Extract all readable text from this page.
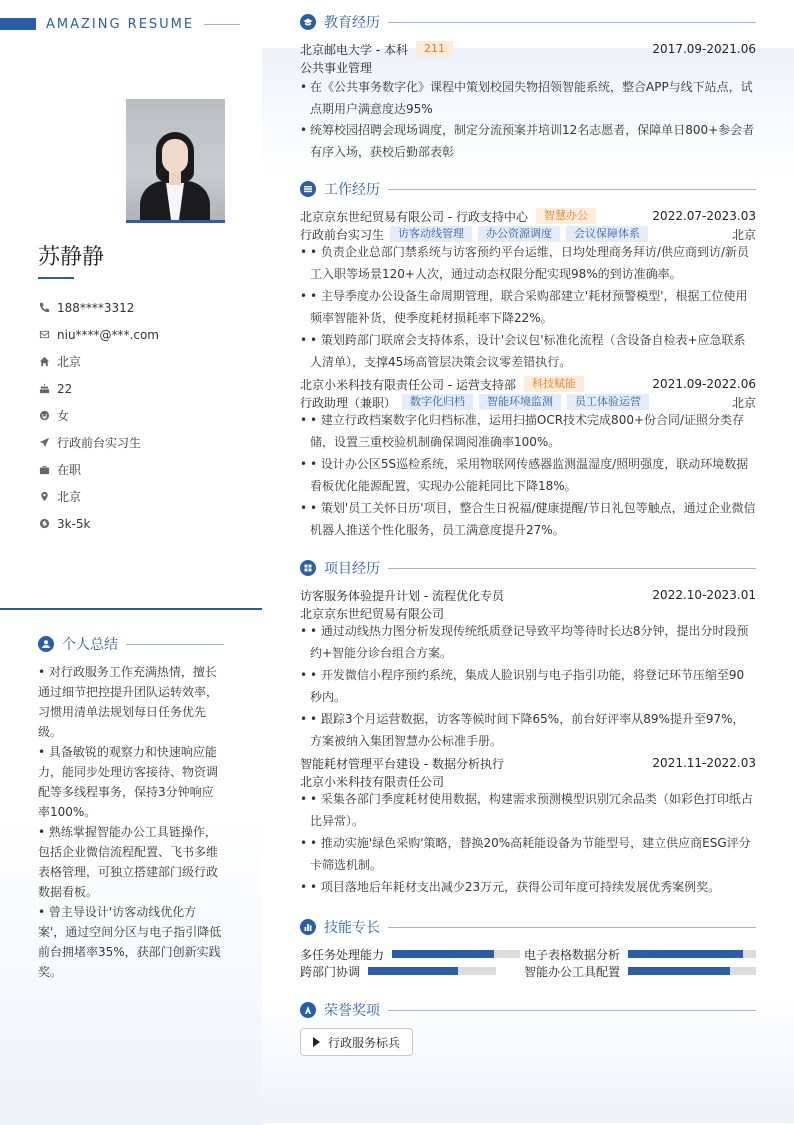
AMAZING RESUME
苏静静
188****3312
niu****@***.com
北京
22
女
行政前台实习生
在职
北京
3k-5k
个人总结

• 对行政服务工作充满热情，擅长通过细节把控提升团队运转效率，习惯用清单法规划每日任务优先级。

• 具备敏锐的观察力和快速响应能力，能同步处理访客接待、物资调配等多线程事务，保持3分钟响应率100%。

• 熟练掌握智能办公工具链操作，包括企业微信流程配置、飞书多维表格管理，可独立搭建部门级行政数据看板。

• 曾主导设计'访客动线优化方案'，通过空间分区与电子指引降低前台拥堵率35%，获部门创新实践奖。

教育经历
北京邮电大学 - 本科	211	2017.09-2021.06
公共事业管理
• 在《公共事务数字化》课程中策划校园失物招领智能系统，整合APP与线下站点，试点期用户满意度达95%
• 统筹校园招聘会现场调度，制定分流预案并培训12名志愿者，保障单日800+参会者有序入场，获校后勤部表彰
工作经历
北京京东世纪贸易有限公司 - 行政支持中心	智慧办公	2022.07-2023.03
行政前台实习生	访客动线管理	办公资源调度	会议保障体系	北京
• • 负责企业总部门禁系统与访客预约平台运维，日均处理商务拜访/供应商到访/新员工入职等场景120+人次，通过动态权限分配实现98%的到访准确率。
• • 主导季度办公设备生命周期管理，联合采购部建立'耗材预警模型'，根据工位使用频率智能补货，使季度耗材损耗率下降22%。
• • 策划跨部门联席会支持体系，设计'会议包'标准化流程（含设备自检表+应急联系人清单），支撑45场高管层决策会议零差错执行。
北京小米科技有限责任公司 - 运营支持部	科技赋能	2021.09-2022.06
行政助理（兼职）	数字化归档	智能环境监测	员工体验运营	北京
• • 建立行政档案数字化归档标准，运用扫描OCR技术完成800+份合同/证照分类存储，设置三重校验机制确保调阅准确率100%。
• • 设计办公区5S巡检系统，采用物联网传感器监测温湿度/照明强度，联动环境数据看板优化能源配置，实现办公能耗同比下降18%。
• • 策划'员工关怀日历'项目，整合生日祝福/健康提醒/节日礼包等触点，通过企业微信机器人推送个性化服务，员工满意度提升27%。
项目经历
访客服务体验提升计划 - 流程优化专员	2022.10-2023.01
北京京东世纪贸易有限公司
• • 通过动线热力图分析发现传统纸质登记导致平均等待时长达8分钟，提出分时段预约+智能分诊台组合方案。
• • 开发微信小程序预约系统，集成人脸识别与电子指引功能，将登记环节压缩至90秒内。
• • 跟踪3个月运营数据，访客等候时间下降65%，前台好评率从89%提升至97%，方案被纳入集团智慧办公标准手册。
智能耗材管理平台建设 - 数据分析执行	2021.11-2022.03
北京小米科技有限责任公司
• • 采集各部门季度耗材使用数据，构建需求预测模型识别冗余品类（如彩色打印纸占比异常）。
• • 推动实施'绿色采购'策略，替换20%高耗能设备为节能型号，建立供应商ESG评分卡筛选机制。
• • 项目落地后年耗材支出减少23万元，获得公司年度可持续发展优秀案例奖。
技能专长
多任务处理能力	电子表格数据分析
跨部门协调	智能办公工具配置
荣誉奖项
行政服务标兵
